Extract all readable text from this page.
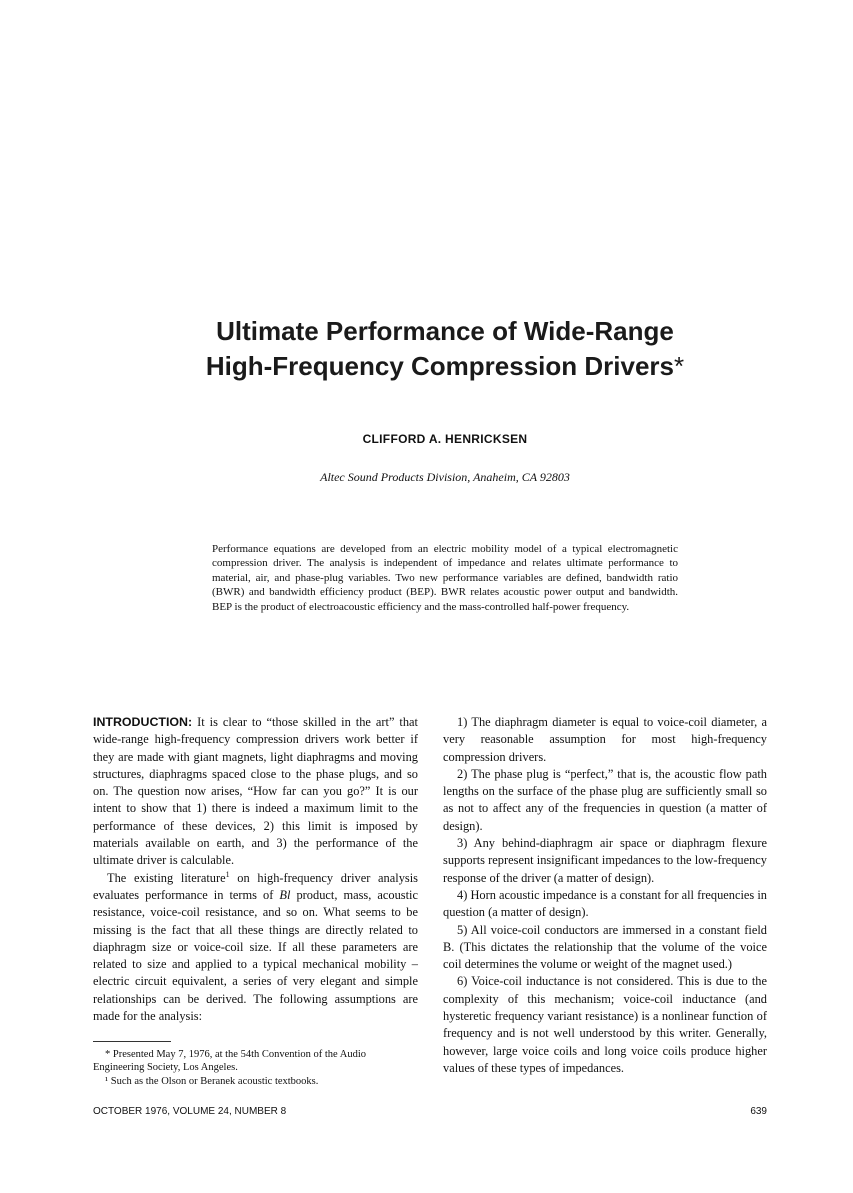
Ultimate Performance of Wide-Range
High-Frequency Compression Drivers*
CLIFFORD A. HENRICKSEN
Altec Sound Products Division, Anaheim, CA 92803

Performance equations are developed from an electric mobility model of a typical electromagnetic compression driver. The analysis is independent of impedance and relates ultimate performance to material, air, and phase-plug variables. Two new performance variables are defined, bandwidth ratio (BWR) and bandwidth efficiency product (BEP). BWR relates acoustic power output and bandwidth. BEP is the product of electroacoustic efficiency and the mass-controlled half-power frequency.

INTRODUCTION: It is clear to “those skilled in the art” that wide-range high-frequency compression drivers work better if they are made with giant magnets, light diaphragms and moving structures, diaphragms spaced close to the phase plugs, and so on. The question now arises, “How far can you go?” It is our intent to show that 1) there is indeed a maximum limit to the performance of these devices, 2) this limit is imposed by materials available on earth, and 3) the performance of the ultimate driver is calculable.

The existing literature$^1$ on high-frequency driver analysis evaluates performance in terms of Bl product, mass, acoustic resistance, voice-coil resistance, and so on. What seems to be missing is the fact that all these things are directly related to diaphragm size or voice-coil size. If all these parameters are related to size and applied to a typical mechanical mobility – electric circuit equivalent, a series of very elegant and simple relationships can be derived. The following assumptions are made for the analysis:

1) The diaphragm diameter is equal to voice-coil diameter, a very reasonable assumption for most high-frequency compression drivers.

2) The phase plug is “perfect,” that is, the acoustic flow path lengths on the surface of the phase plug are sufficiently small so as not to affect any of the frequencies in question (a matter of design).

3) Any behind-diaphragm air space or diaphragm flexure supports represent insignificant impedances to the low-frequency response of the driver (a matter of design).

4) Horn acoustic impedance is a constant for all frequencies in question (a matter of design).

5) All voice-coil conductors are immersed in a constant field B. (This dictates the relationship that the volume of the voice coil determines the volume or weight of the magnet used.)

6) Voice-coil inductance is not considered. This is due to the complexity of this mechanism; voice-coil inductance (and hysteretic frequency variant resistance) is a nonlinear function of frequency and is not well understood by this writer. Generally, however, large voice coils and long voice coils produce higher values of these types of impedances.

* Presented May 7, 1976, at the 54th Convention of the Audio Engineering Society, Los Angeles.

¹ Such as the Olson or Beranek acoustic textbooks.

OCTOBER 1976, VOLUME 24, NUMBER 8	639
